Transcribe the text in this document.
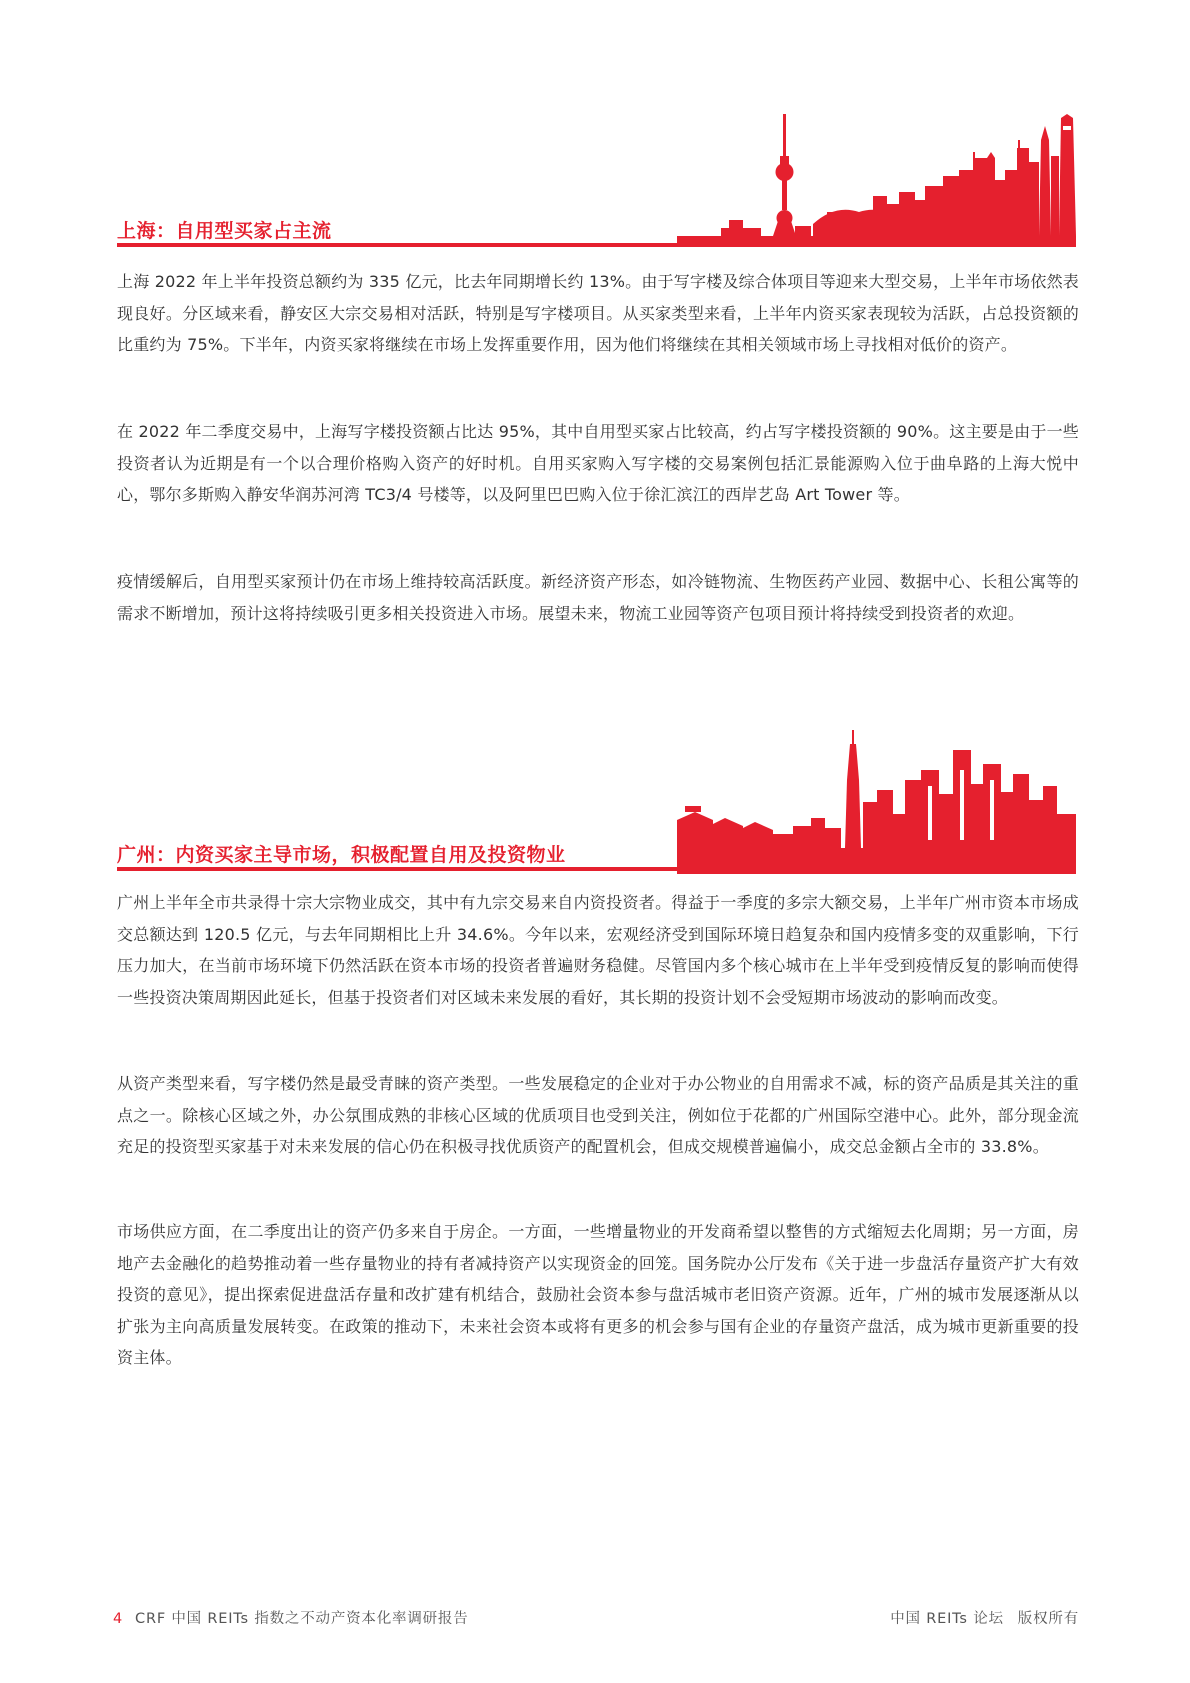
上海：自用型买家占主流

上海 2022 年上半年投资总额约为 335 亿元，比去年同期增长约 13%。由于写字楼及综合体项目等迎来大型交易，上半年市场依然表现良好。分区域来看，静安区大宗交易相对活跃，特别是写字楼项目。从买家类型来看，上半年内资买家表现较为活跃，占总投资额的比重约为 75%。下半年，内资买家将继续在市场上发挥重要作用，因为他们将继续在其相关领域市场上寻找相对低价的资产。

在 2022 年二季度交易中，上海写字楼投资额占比达 95%，其中自用型买家占比较高，约占写字楼投资额的 90%。这主要是由于一些投资者认为近期是有一个以合理价格购入资产的好时机。自用买家购入写字楼的交易案例包括汇景能源购入位于曲阜路的上海大悦中心，鄂尔多斯购入静安华润苏河湾 TC3/4 号楼等，以及阿里巴巴购入位于徐汇滨江的西岸艺岛 Art Tower 等。

疫情缓解后，自用型买家预计仍在市场上维持较高活跃度。新经济资产形态，如冷链物流、生物医药产业园、数据中心、长租公寓等的需求不断增加，预计这将持续吸引更多相关投资进入市场。展望未来，物流工业园等资产包项目预计将持续受到投资者的欢迎。

广州：内资买家主导市场，积极配置自用及投资物业

广州上半年全市共录得十宗大宗物业成交，其中有九宗交易来自内资投资者。得益于一季度的多宗大额交易，上半年广州市资本市场成交总额达到 120.5 亿元，与去年同期相比上升 34.6%。今年以来，宏观经济受到国际环境日趋复杂和国内疫情多变的双重影响，下行压力加大，在当前市场环境下仍然活跃在资本市场的投资者普遍财务稳健。尽管国内多个核心城市在上半年受到疫情反复的影响而使得一些投资决策周期因此延长，但基于投资者们对区域未来发展的看好，其长期的投资计划不会受短期市场波动的影响而改变。

从资产类型来看，写字楼仍然是最受青睐的资产类型。一些发展稳定的企业对于办公物业的自用需求不减，标的资产品质是其关注的重点之一。除核心区域之外，办公氛围成熟的非核心区域的优质项目也受到关注，例如位于花都的广州国际空港中心。此外，部分现金流充足的投资型买家基于对未来发展的信心仍在积极寻找优质资产的配置机会，但成交规模普遍偏小，成交总金额占全市的 33.8%。

市场供应方面，在二季度出让的资产仍多来自于房企。一方面，一些增量物业的开发商希望以整售的方式缩短去化周期；另一方面，房地产去金融化的趋势推动着一些存量物业的持有者减持资产以实现资金的回笼。国务院办公厅发布《关于进一步盘活存量资产扩大有效投资的意见》，提出探索促进盘活存量和改扩建有机结合，鼓励社会资本参与盘活城市老旧资产资源。近年，广州的城市发展逐渐从以扩张为主向高质量发展转变。在政策的推动下，未来社会资本或将有更多的机会参与国有企业的存量资产盘活，成为城市更新重要的投资主体。

4 CRF 中国 REITs 指数之不动产资本化率调研报告	中国 REITs 论坛 版权所有
